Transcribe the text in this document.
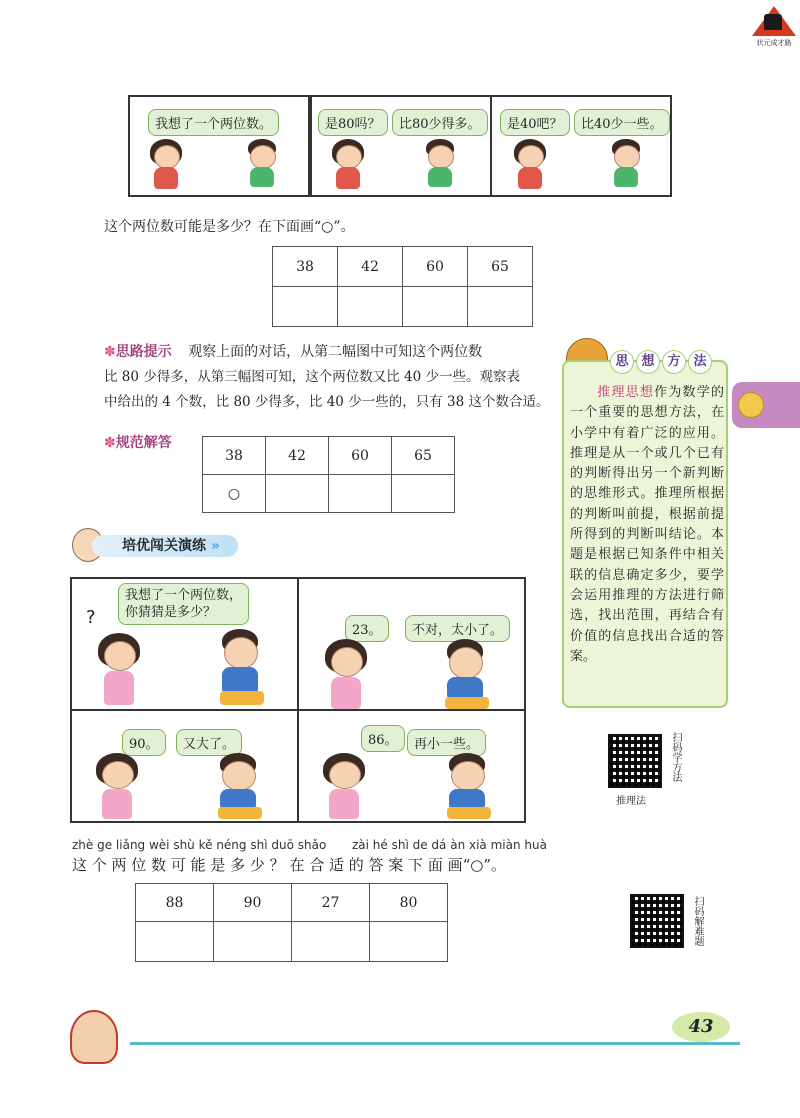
状元成才路
我想了一个两位数。	是80吗？	比80少得多。	是40吧？	比40少一些。
这个两位数可能是多少？在下面画“○”。
38	42	60	65

✽思路提示 观察上面的对话，从第二幅图中可知这个两位数
比 80 少得多，从第三幅图可知，这个两位数又比 40 少一些。观察表
中给出的 4 个数，比 80 少得多，比 40 少一些的，只有 38 这个数合适。
✽规范解答
38	42	60	65
○			
思 想 方 法
推理思想作为数学的一个重要的思想方法，在小学中有着广泛的应用。推理是从一个或几个已有的判断得出另一个新判断的思维形式。推理所根据的判断叫前提，根据前提所得到的判断叫结论。本题是根据已知条件中相关联的信息确定多少，要学会运用推理的方法进行筛选，找出范围，再结合有价值的信息找出合适的答案。
扫码学方法
推理法
培优闯关演练 »
?
我想了一个两位数，
你猜猜是多少？
23。	不对，太小了。
90。	又大了。	86。	再小一些。
zhè ge liǎng wèi shù kě néng shì duō shǎo zài hé shì de dá àn xià miàn huà
这 个 两 位 数 可 能 是 多 少 ？ 在 合 适 的 答 案 下 面 画“○”。
88	90	27	80
				扫码解难题
43
